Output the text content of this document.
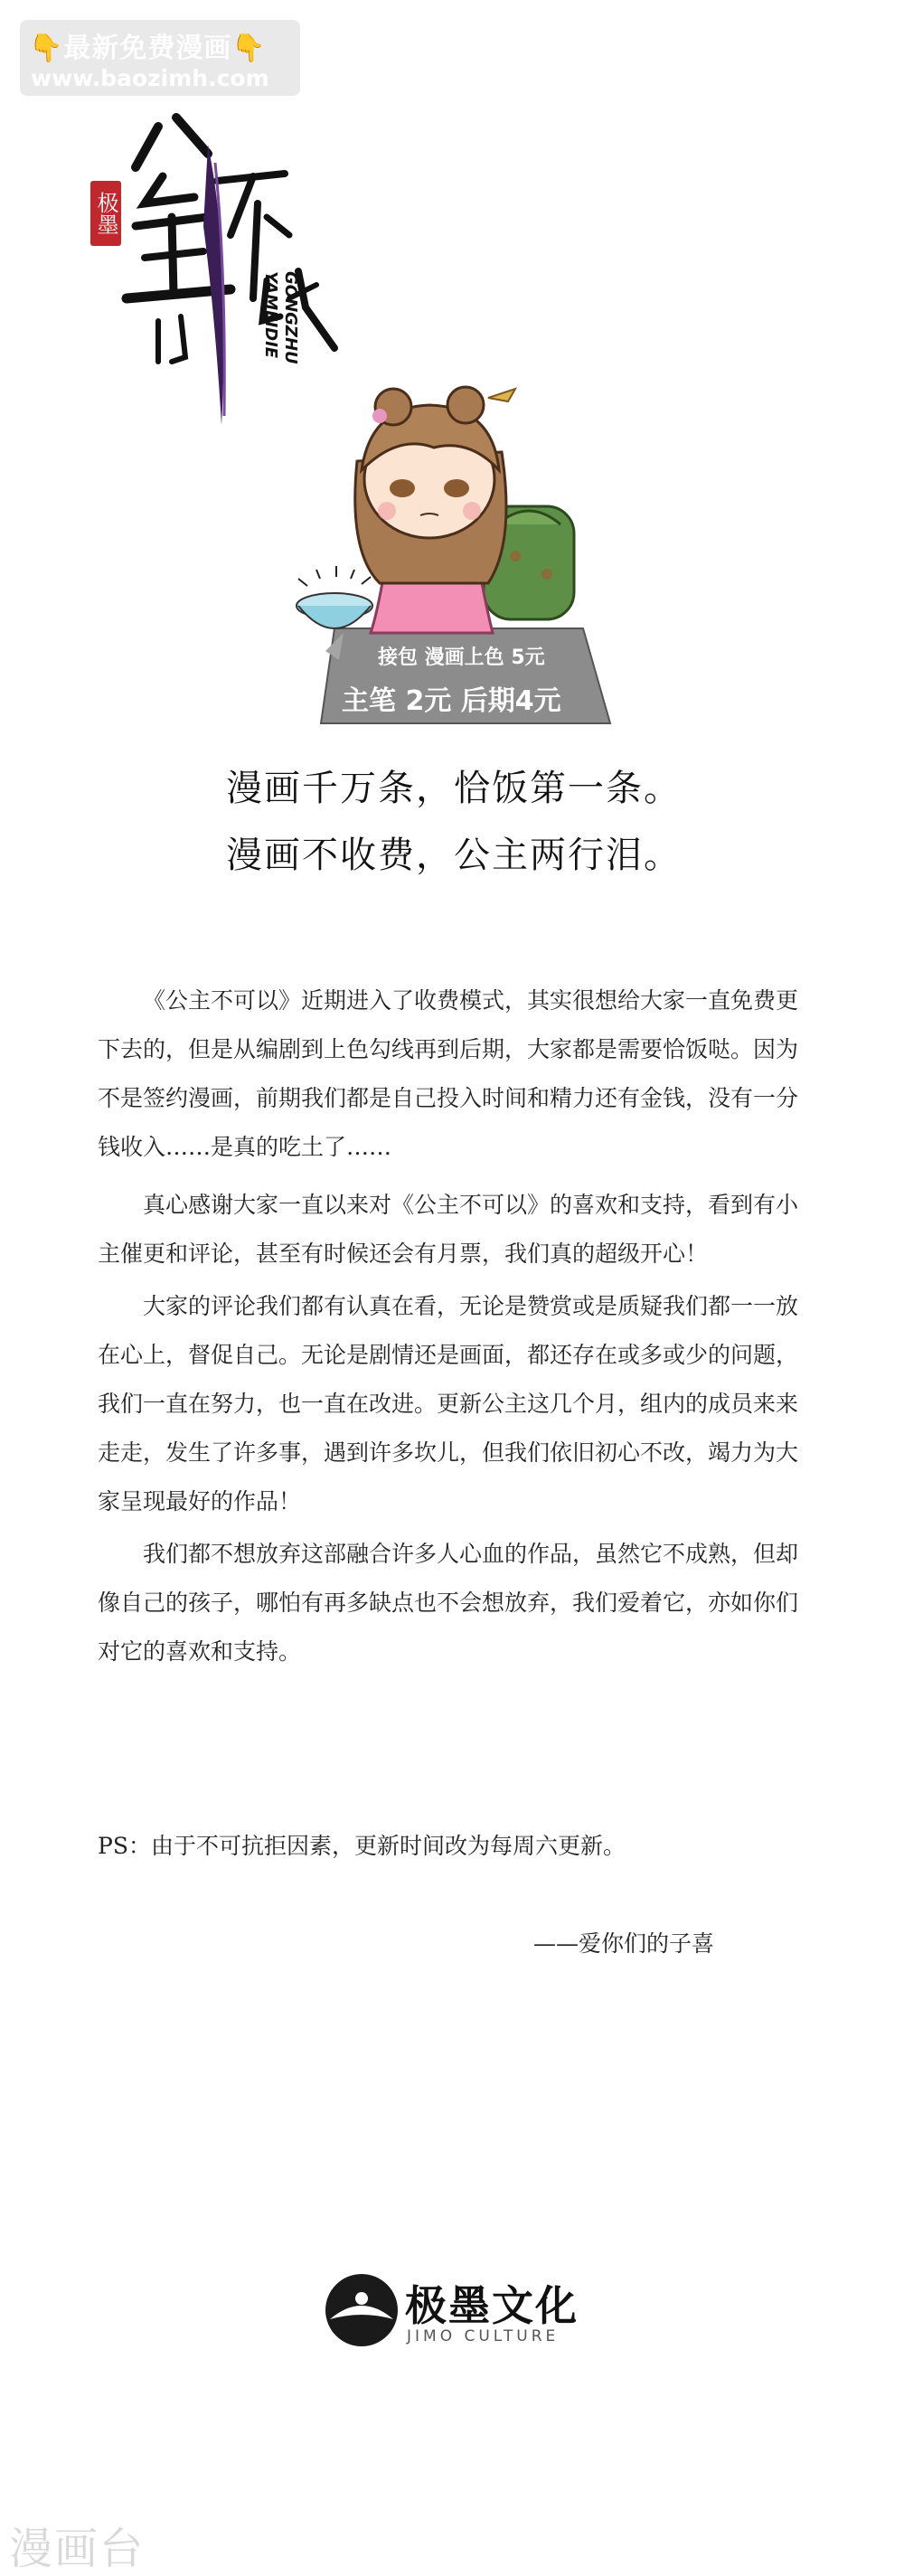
👇最新免费漫画👇
www.baozimh.com
极墨
GONGZHU
YAMEIDIE
接包 漫画上色 5元
主笔 2元 后期4元
漫画千万条，恰饭第一条。
漫画不收费，公主两行泪。

《公主不可以》近期进入了收费模式，其实很想给大家一直免费更下去的，但是从编剧到上色勾线再到后期，大家都是需要恰饭哒。因为不是签约漫画，前期我们都是自己投入时间和精力还有金钱，没有一分钱收入……是真的吃土了……

真心感谢大家一直以来对《公主不可以》的喜欢和支持，看到有小主催更和评论，甚至有时候还会有月票，我们真的超级开心！

大家的评论我们都有认真在看，无论是赞赏或是质疑我们都一一放在心上，督促自己。无论是剧情还是画面，都还存在或多或少的问题，我们一直在努力，也一直在改进。更新公主这几个月，组内的成员来来走走，发生了许多事，遇到许多坎儿，但我们依旧初心不改，竭力为大家呈现最好的作品！

我们都不想放弃这部融合许多人心血的作品，虽然它不成熟，但却像自己的孩子，哪怕有再多缺点也不会想放弃，我们爱着它，亦如你们对它的喜欢和支持。

PS：由于不可抗拒因素，更新时间改为每周六更新。
——爱你们的子喜
极墨文化
JIMO CULTURE
漫画台
